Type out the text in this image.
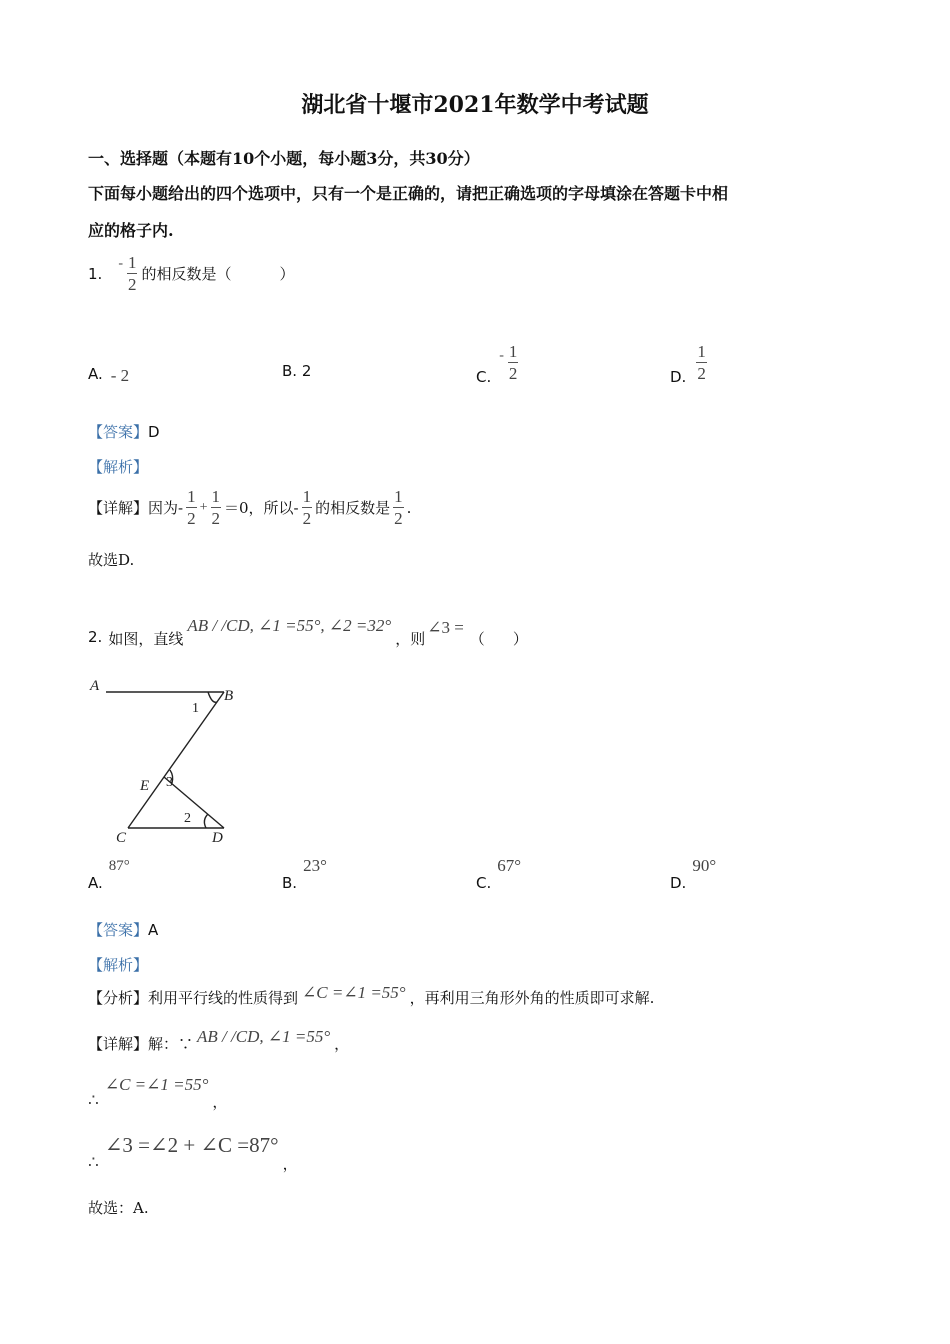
湖北省十堰市2021年数学中考试题
一、选择题（本题有10个小题，每小题3分，共30分）
下面每小题给出的四个选项中，只有一个是正确的，请把正确选项的字母填涂在答题卡中相
应的格子内.
1.
- $\frac{1}{2}$ 的相反数是（	）
A. - 2	B. 2	C.
- $\frac{1}{2}$	D. $\frac{1}{2}$
【答案】D
【解析】
【详解】 因为- $\frac{1}{2} + \frac{1}{2} =0$，所以- $\frac{1}{2}$ 的相反数是 $\frac{1}{2}$ .
故选D.
2. 如图，直线
AB / /CD, ∠1 =55°, ∠2 =32°
，则
∠3 =
（ ）
A
B
C	D
E
1
2
3
A.
87°
B.
23°
C.
67°
D.
90°
【答案】A
【解析】
【分析】 利用平行线的性质得到 ∠C =∠1 =55° ，再利用三角形外角的性质即可求解.
【详解】 解：∵ AB / /CD, ∠1 =55° ，
∴
∠C =∠1 =55°
，
∴
∠3 =∠2 + ∠C =87°
，
故选：A.
